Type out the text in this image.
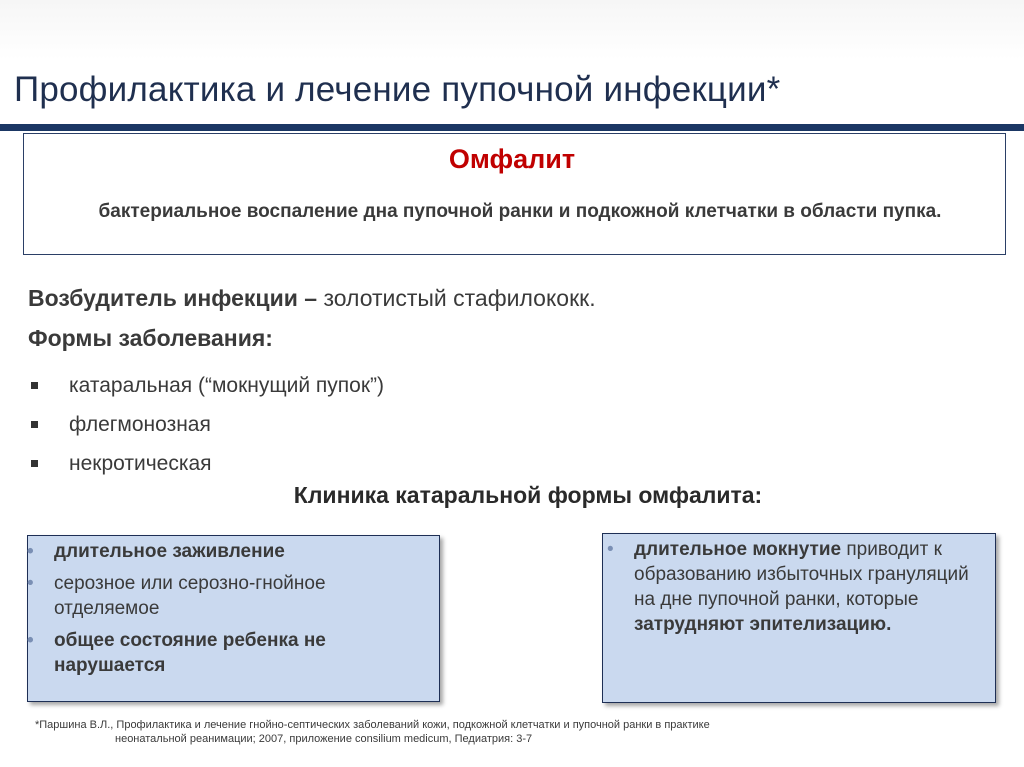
Профилактика и лечение пупочной инфекции*

Омфалит

бактериальное воспаление дна пупочной ранки и подкожной клетчатки в области пупка.

Возбудитель инфекции – золотистый стафилококк.

Формы заболевания:

катаральная (“мокнущий пупок”)
флегмонозная
некротическая

Клиника катаральной формы омфалита:

• длительное заживление
• серозное или серозно-гнойное отделяемое
• общее состояние ребенка не нарушается
• длительное мокнутие приводит к образованию избыточных грануляций на дне пупочной ранки, которые затрудняют эпителизацию.

*Паршина В.Л., Профилактика и лечение гнойно-септических заболеваний кожи, подкожной клетчатки и пупочной ранки в практике
неонатальной реанимации; 2007, приложение consilium medicum, Педиатрия: 3-7
